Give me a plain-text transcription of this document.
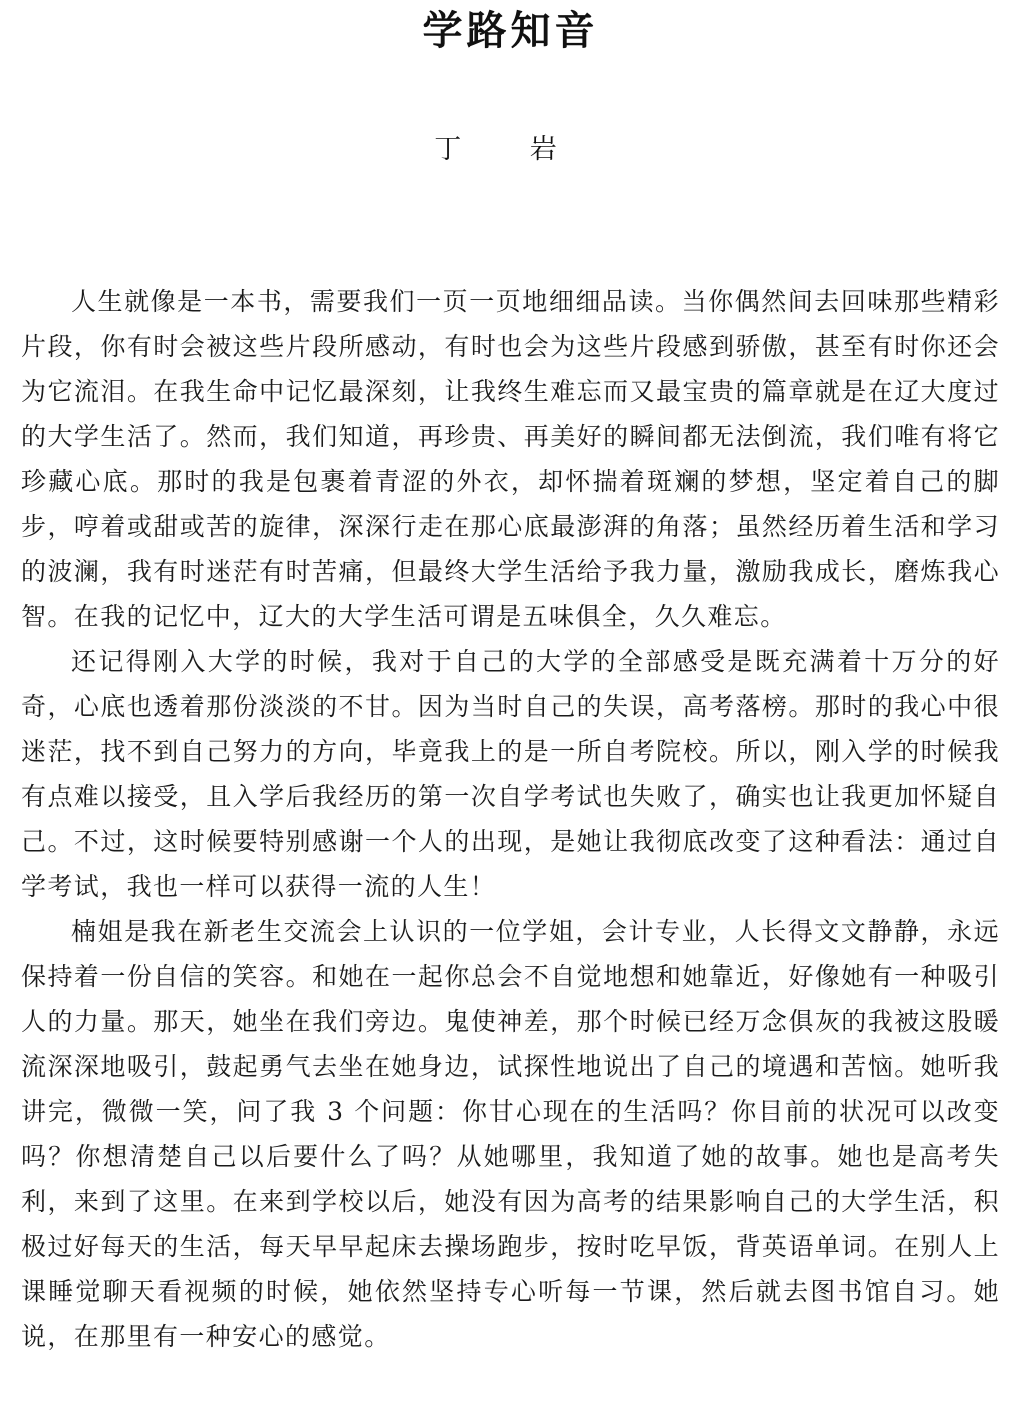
学路知音
丁 岩

人生就像是一本书，需要我们一页一页地细细品读。当你偶然间去回味那些精彩片段，你有时会被这些片段所感动，有时也会为这些片段感到骄傲，甚至有时你还会为它流泪。在我生命中记忆最深刻，让我终生难忘而又最宝贵的篇章就是在辽大度过的大学生活了。然而，我们知道，再珍贵、再美好的瞬间都无法倒流，我们唯有将它珍藏心底。那时的我是包裹着青涩的外衣，却怀揣着斑斓的梦想，坚定着自己的脚步，哼着或甜或苦的旋律，深深行走在那心底最澎湃的角落；虽然经历着生活和学习的波澜，我有时迷茫有时苦痛，但最终大学生活给予我力量，激励我成长，磨炼我心智。在我的记忆中，辽大的大学生活可谓是五味俱全，久久难忘。

还记得刚入大学的时候，我对于自己的大学的全部感受是既充满着十万分的好奇，心底也透着那份淡淡的不甘。因为当时自己的失误，高考落榜。那时的我心中很迷茫，找不到自己努力的方向，毕竟我上的是一所自考院校。所以，刚入学的时候我有点难以接受，且入学后我经历的第一次自学考试也失败了，确实也让我更加怀疑自己。不过，这时候要特别感谢一个人的出现，是她让我彻底改变了这种看法：通过自学考试，我也一样可以获得一流的人生！

楠姐是我在新老生交流会上认识的一位学姐，会计专业，人长得文文静静，永远保持着一份自信的笑容。和她在一起你总会不自觉地想和她靠近，好像她有一种吸引人的力量。那天，她坐在我们旁边。鬼使神差，那个时候已经万念俱灰的我被这股暖流深深地吸引，鼓起勇气去坐在她身边，试探性地说出了自己的境遇和苦恼。她听我讲完，微微一笑，问了我 3 个问题：你甘心现在的生活吗？你目前的状况可以改变吗？你想清楚自己以后要什么了吗？从她哪里，我知道了她的故事。她也是高考失利，来到了这里。在来到学校以后，她没有因为高考的结果影响自己的大学生活，积极过好每天的生活，每天早早起床去操场跑步，按时吃早饭，背英语单词。在别人上课睡觉聊天看视频的时候，她依然坚持专心听每一节课，然后就去图书馆自习。她说，在那里有一种安心的感觉。
